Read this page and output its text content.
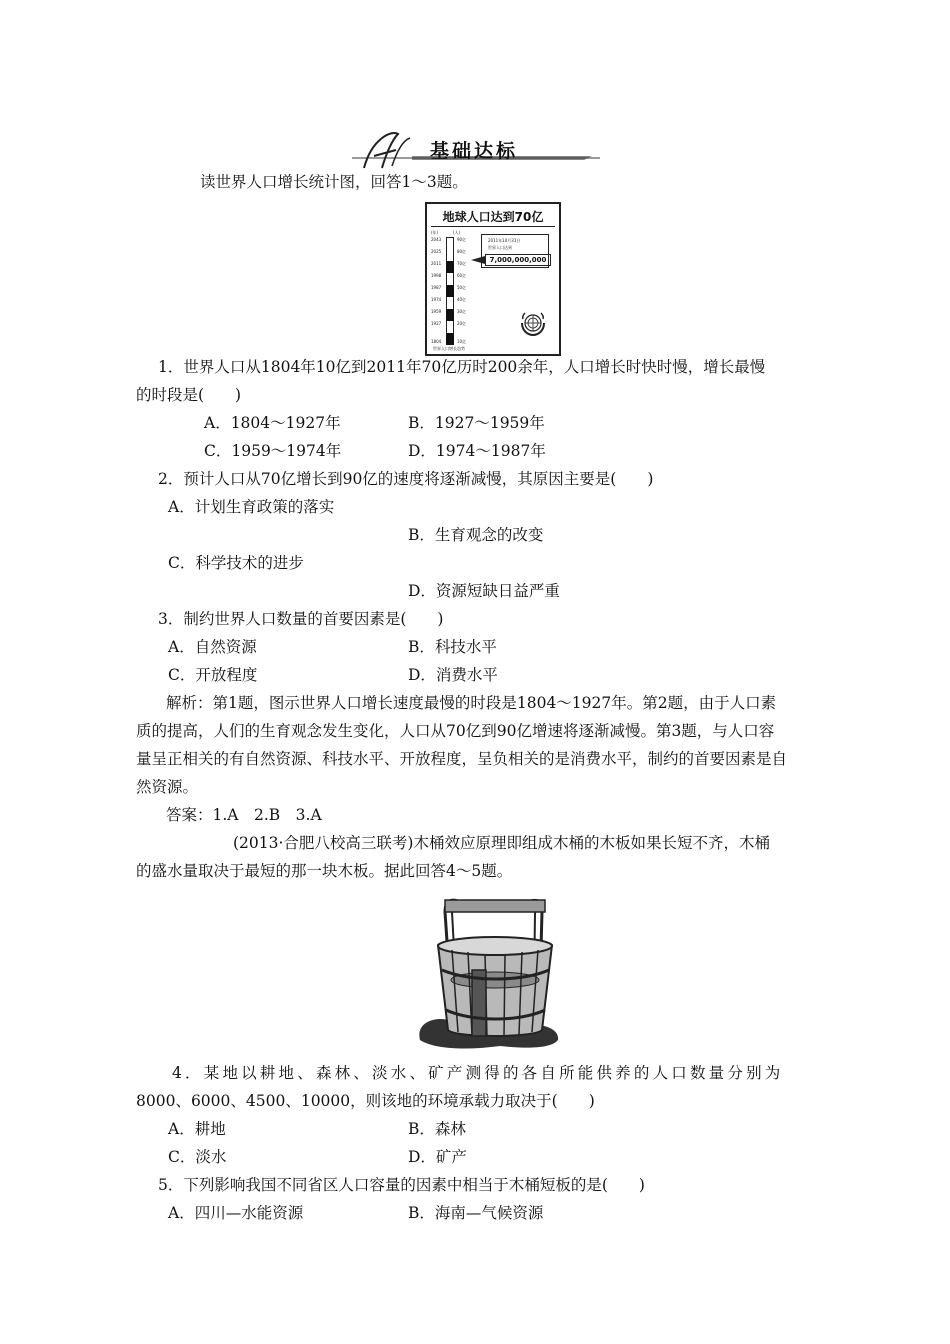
基础达标
读世界人口增长统计图，回答1～3题。
地球人口达到70亿
(年)	(人)
2043
2025
2011
1998
1987
1974
1959
1927
1804
90亿
80亿
70亿
60亿
50亿
40亿
30亿
20亿
10亿
2011年10月31日
世界人口达到
7,000,000,000
世界人口增长趋势
1．世界人口从1804年10亿到2011年70亿历时200余年，人口增长时快时慢，增长最慢
的时段是(　　)
A．1804～1927年	B．1927～1959年
C．1959～1974年	D．1974～1987年
2．预计人口从70亿增长到90亿的速度将逐渐减慢，其原因主要是(　　)
A．计划生育政策的落实
B．生育观念的改变
C．科学技术的进步
D．资源短缺日益严重
3．制约世界人口数量的首要因素是(　　)
A．自然资源	B．科技水平
C．开放程度	D．消费水平
解析：第1题，图示世界人口增长速度最慢的时段是1804～1927年。第2题，由于人口素
质的提高，人们的生育观念发生变化，人口从70亿到90亿增速将逐渐减慢。第3题，与人口容
量呈正相关的有自然资源、科技水平、开放程度，呈负相关的是消费水平，制约的首要因素是自
然资源。
答案：1.A　2.B　3.A
(2013·合肥八校高三联考)木桶效应原理即组成木桶的木板如果长短不齐，木桶
的盛水量取决于最短的那一块木板。据此回答4～5题。
4．某地以耕地、森林、淡水、矿产测得的各自所能供养的人口数量分别为
8000、6000、4500、10000，则该地的环境承载力取决于(　　)
A．耕地	B．森林
C．淡水	D．矿产
5．下列影响我国不同省区人口容量的因素中相当于木桶短板的是(　　)
A．四川—水能资源	B．海南—气候资源
